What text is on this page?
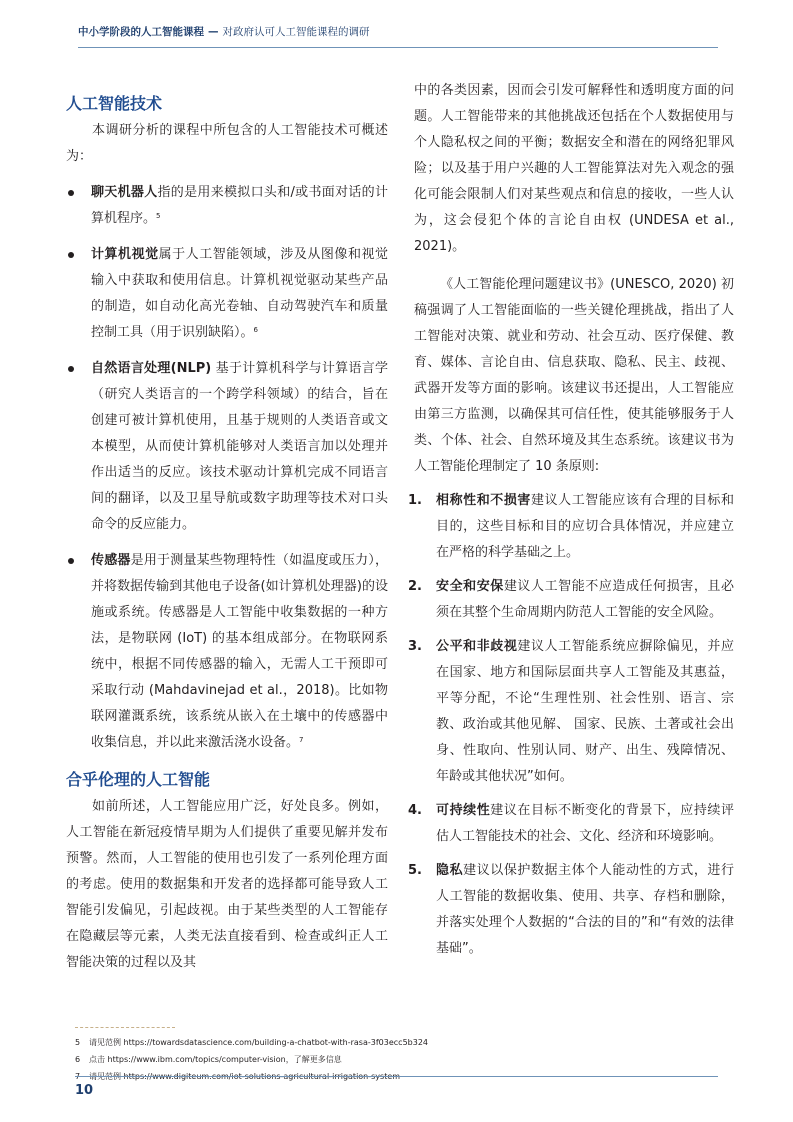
中小学阶段的人工智能课程 — 对政府认可人工智能课程的调研
人工智能技术

本调研分析的课程中所包含的人工智能技术可概述为：

聊天机器人指的是用来模拟口头和/或书面对话的计算机程序。$^5$
计算机视觉属于人工智能领域，涉及从图像和视觉输入中获取和使用信息。计算机视觉驱动某些产品的制造，如自动化高光卷轴、自动驾驶汽车和质量控制工具（用于识别缺陷）。$^6$
自然语言处理(NLP) 基于计算机科学与计算语言学（研究人类语言的一个跨学科领域）的结合，旨在创建可被计算机使用，且基于规则的人类语音或文本模型，从而使计算机能够对人类语言加以处理并作出适当的反应。该技术驱动计算机完成不同语言间的翻译，以及卫星导航或数字助理等技术对口头命令的反应能力。
传感器是用于测量某些物理特性（如温度或压力），并将数据传输到其他电子设备(如计算机处理器)的设施或系统。传感器是人工智能中收集数据的一种方法，是物联网 (IoT) 的基本组成部分。在物联网系统中，根据不同传感器的输入，无需人工干预即可采取行动 (Mahdavinejad et al.，2018)。比如物联网灌溉系统，该系统从嵌入在土壤中的传感器中收集信息，并以此来激活浇水设备。$^7$
合乎伦理的人工智能

如前所述，人工智能应用广泛，好处良多。例如，人工智能在新冠疫情早期为人们提供了重要见解并发布预警。然而，人工智能的使用也引发了一系列伦理方面的考虑。使用的数据集和开发者的选择都可能导致人工智能引发偏见，引起歧视。由于某些类型的人工智能存在隐藏层等元素，人类无法直接看到、检查或纠正人工智能决策的过程以及其

中的各类因素，因而会引发可解释性和透明度方面的问题。人工智能带来的其他挑战还包括在个人数据使用与个人隐私权之间的平衡；数据安全和潜在的网络犯罪风险；以及基于用户兴趣的人工智能算法对先入观念的强化可能会限制人们对某些观点和信息的接收，一些人认为，这会侵犯个体的言论自由权 (UNDESA et al., 2021)。

《人工智能伦理问题建议书》(UNESCO, 2020) 初稿强调了人工智能面临的一些关键伦理挑战，指出了人工智能对决策、就业和劳动、社会互动、医疗保健、教育、媒体、言论自由、信息获取、隐私、民主、歧视、武器开发等方面的影响。该建议书还提出，人工智能应由第三方监测，以确保其可信任性，使其能够服务于人类、个体、社会、自然环境及其生态系统。该建议书为人工智能伦理制定了 10 条原则:

1. 相称性和不损害建议人工智能应该有合理的目标和目的，这些目标和目的应切合具体情况，并应建立在严格的科学基础之上。
2. 安全和安保建议人工智能不应造成任何损害，且必须在其整个生命周期内防范人工智能的安全风险。
3. 公平和非歧视建议人工智能系统应摒除偏见，并应在国家、地方和国际层面共享人工智能及其惠益，平等分配，不论“生理性别、社会性别、语言、宗教、政治或其他见解、 国家、民族、土著或社会出身、性取向、性别认同、财产、出生、残障情况、年龄或其他状况”如何。
4. 可持续性建议在目标不断变化的背景下，应持续评估人工智能技术的社会、文化、经济和环境影响。
5. 隐私建议以保护数据主体个人能动性的方式，进行人工智能的数据收集、使用、共享、存档和删除，并落实处理个人数据的“合法的目的”和“有效的法律基础”。
5 请见范例 https://towardsdatascience.com/building-a-chatbot-with-rasa-3f03ecc5b324
6 点击 https://www.ibm.com/topics/computer-vision，了解更多信息
10
